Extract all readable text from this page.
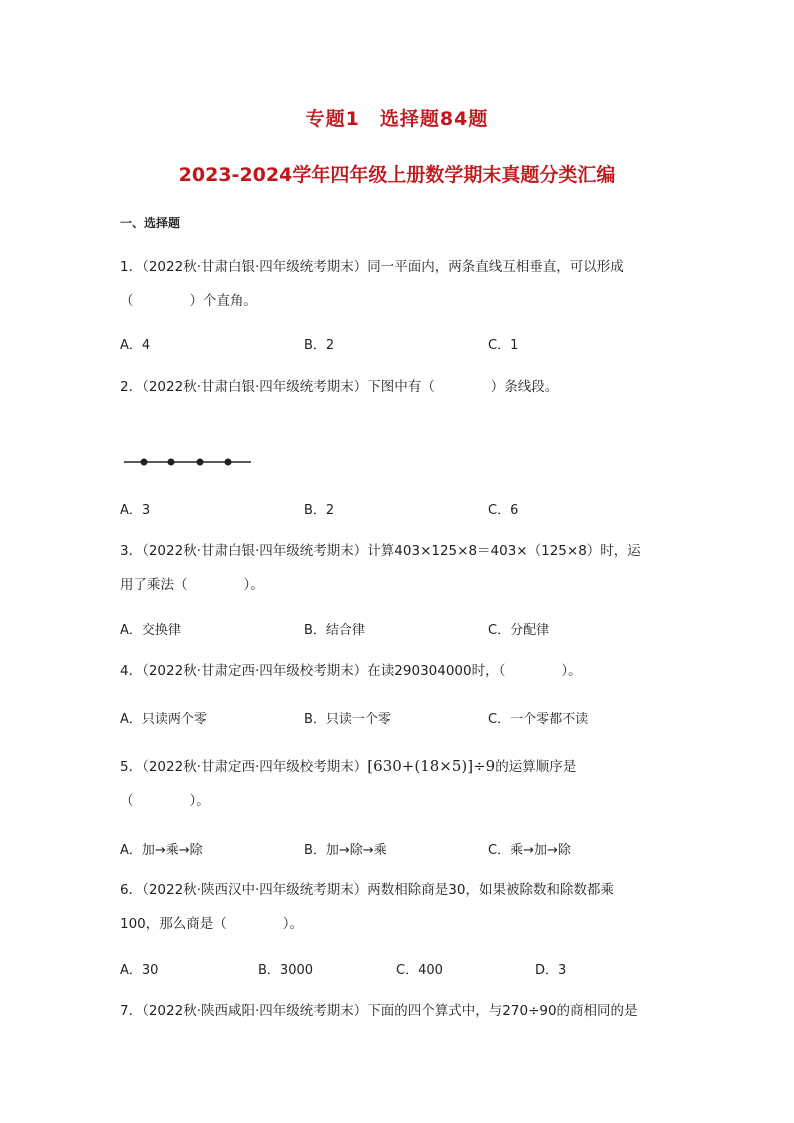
专题1　选择题84题
2023-2024学年四年级上册数学期末真题分类汇编
一、选择题
1．（2022秋·甘肃白银·四年级统考期末）同一平面内，两条直线互相垂直，可以形成
（	）个直角。
A．4	B．2	C．1
2．（2022秋·甘肃白银·四年级统考期末）下图中有（	）条线段。
A．3	B．2	C．6
3．（2022秋·甘肃白银·四年级统考期末）计算403×125×8＝403×（125×8）时，运
用了乘法（	）。
A．交换律	B．结合律	C．分配律
4．（2022秋·甘肃定西·四年级校考期末）在读290304000时，（	）。
A．只读两个零	B．只读一个零	C．一个零都不读
5．（2022秋·甘肃定西·四年级校考期末）[630+(18×5)]÷9的运算顺序是
（	）。
A．加→乘→除	B．加→除→乘	C．乘→加→除
6．（2022秋·陕西汉中·四年级统考期末）两数相除商是30，如果被除数和除数都乘
100，那么商是（	）。
A．30	B．3000	C．400	D．3
7．（2022秋·陕西咸阳·四年级统考期末）下面的四个算式中，与270÷90的商相同的是
